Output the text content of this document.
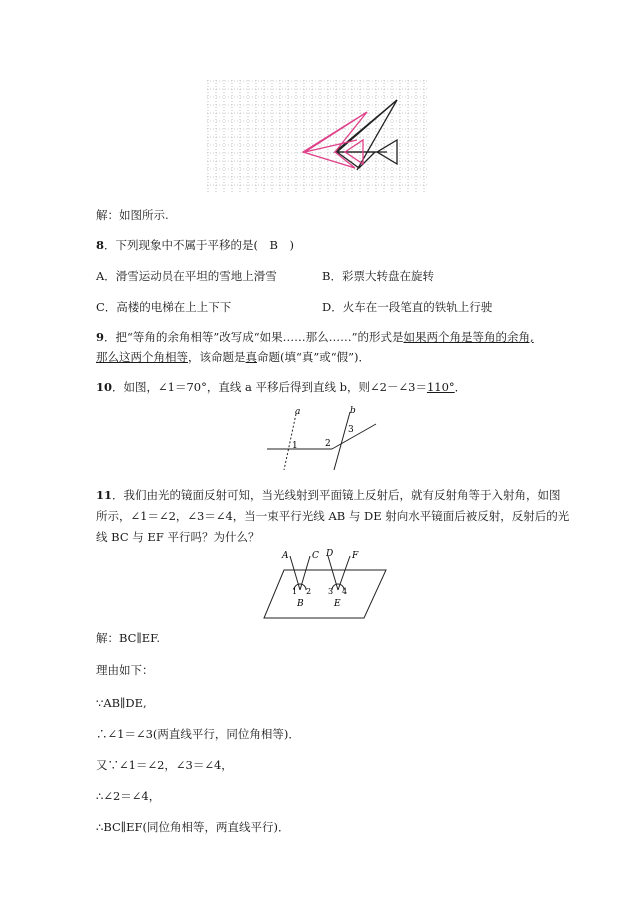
解：如图所示.
8．下列现象中不属于平移的是(　B　)
A．滑雪运动员在平坦的雪地上滑雪	B．彩票大转盘在旋转
C．高楼的电梯在上上下下	D．火车在一段笔直的铁轨上行驶
9．把“等角的余角相等”改写成“如果……那么……”的形式是如果两个角是等角的余角,
那么这两个角相等，该命题是真命题(填“真”或“假”)．
10．如图，∠1＝70°，直线 a 平移后得到直线 b，则∠2－∠3＝110°．
a	b
1	2
3
11．我们由光的镜面反射可知，当光线射到平面镜上反射后，就有反射角等于入射角，如图
所示，∠1＝∠2，∠3＝∠4，当一束平行光线 AB 与 DE 射向水平镜面后被反射，反射后的光
线 BC 与 EF 平行吗？为什么？
A	C D F
1 2 3 4
B	E
解：BC∥EF.
理由如下：
∵AB∥DE,
∴∠1＝∠3(两直线平行，同位角相等)．
又∵∠1＝∠2，∠3＝∠4，
∴∠2＝∠4，
∴BC∥EF(同位角相等，两直线平行)．
